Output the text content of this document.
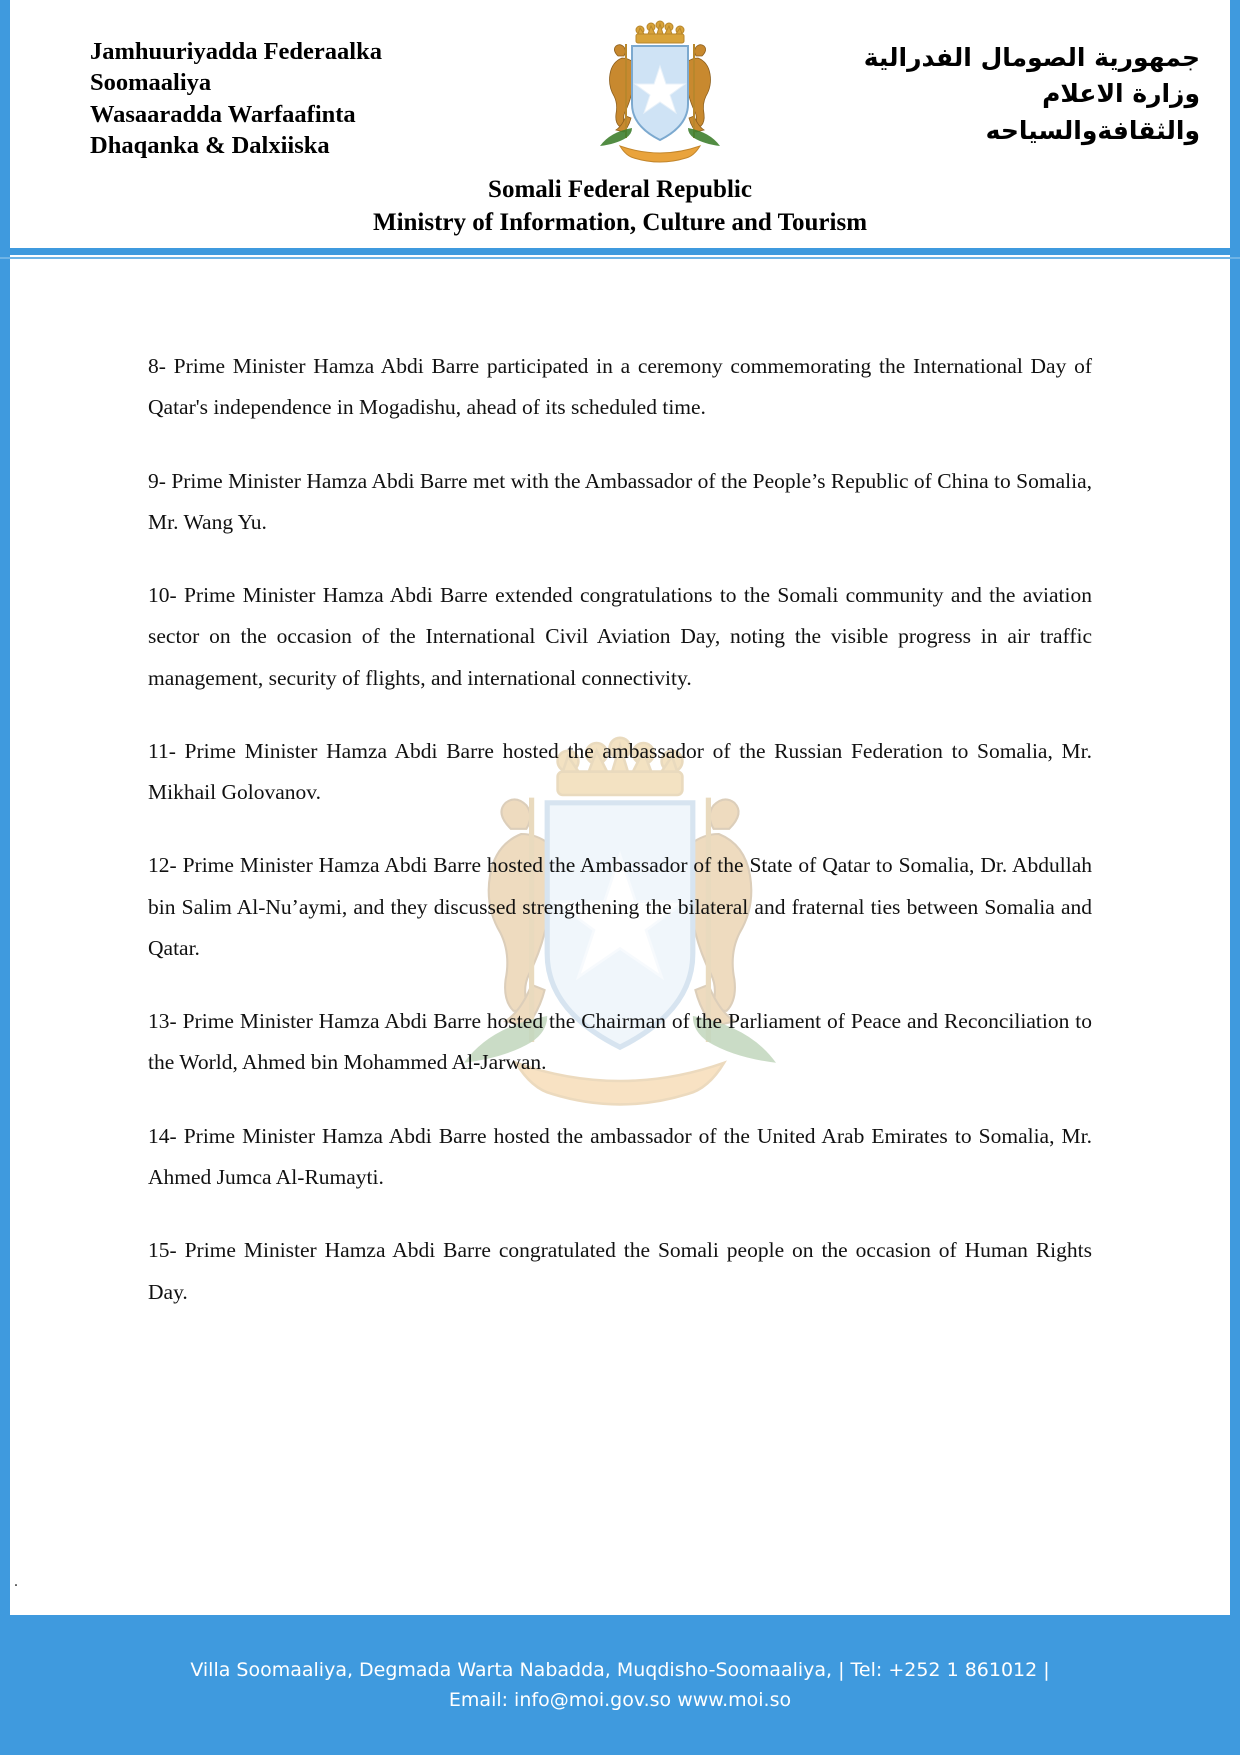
Jamhuuriyadda Federaalka
Soomaaliya
Wasaaradda Warfaafinta
Dhaqanka & Dalxiiska
جمهورية الصومال الفدرالية
وزارة الاعلام
والثقافةوالسياحه
Somali Federal Republic
Ministry of Information, Culture and Tourism

8- Prime Minister Hamza Abdi Barre participated in a ceremony commemorating the International Day of Qatar's independence in Mogadishu, ahead of its scheduled time.

9- Prime Minister Hamza Abdi Barre met with the Ambassador of the People’s Republic of China to Somalia, Mr. Wang Yu.

10- Prime Minister Hamza Abdi Barre extended congratulations to the Somali community and the aviation sector on the occasion of the International Civil Aviation Day, noting the visible progress in air traffic management, security of flights, and international connectivity.

11- Prime Minister Hamza Abdi Barre hosted the ambassador of the Russian Federation to Somalia, Mr. Mikhail Golovanov.

12- Prime Minister Hamza Abdi Barre hosted the Ambassador of the State of Qatar to Somalia, Dr. Abdullah bin Salim Al-Nu’aymi, and they discussed strengthening the bilateral and fraternal ties between Somalia and Qatar.

13- Prime Minister Hamza Abdi Barre hosted the Chairman of the Parliament of Peace and Reconciliation to the World, Ahmed bin Mohammed Al-Jarwan.

14- Prime Minister Hamza Abdi Barre hosted the ambassador of the United Arab Emirates to Somalia, Mr. Ahmed Jumca Al-Rumayti.

15- Prime Minister Hamza Abdi Barre congratulated the Somali people on the occasion of Human Rights Day.

.
Villa Soomaaliya, Degmada Warta Nabadda, Muqdisho-Soomaaliya, | Tel: +252 1 861012 |
Email: info@moi.gov.so www.moi.so
